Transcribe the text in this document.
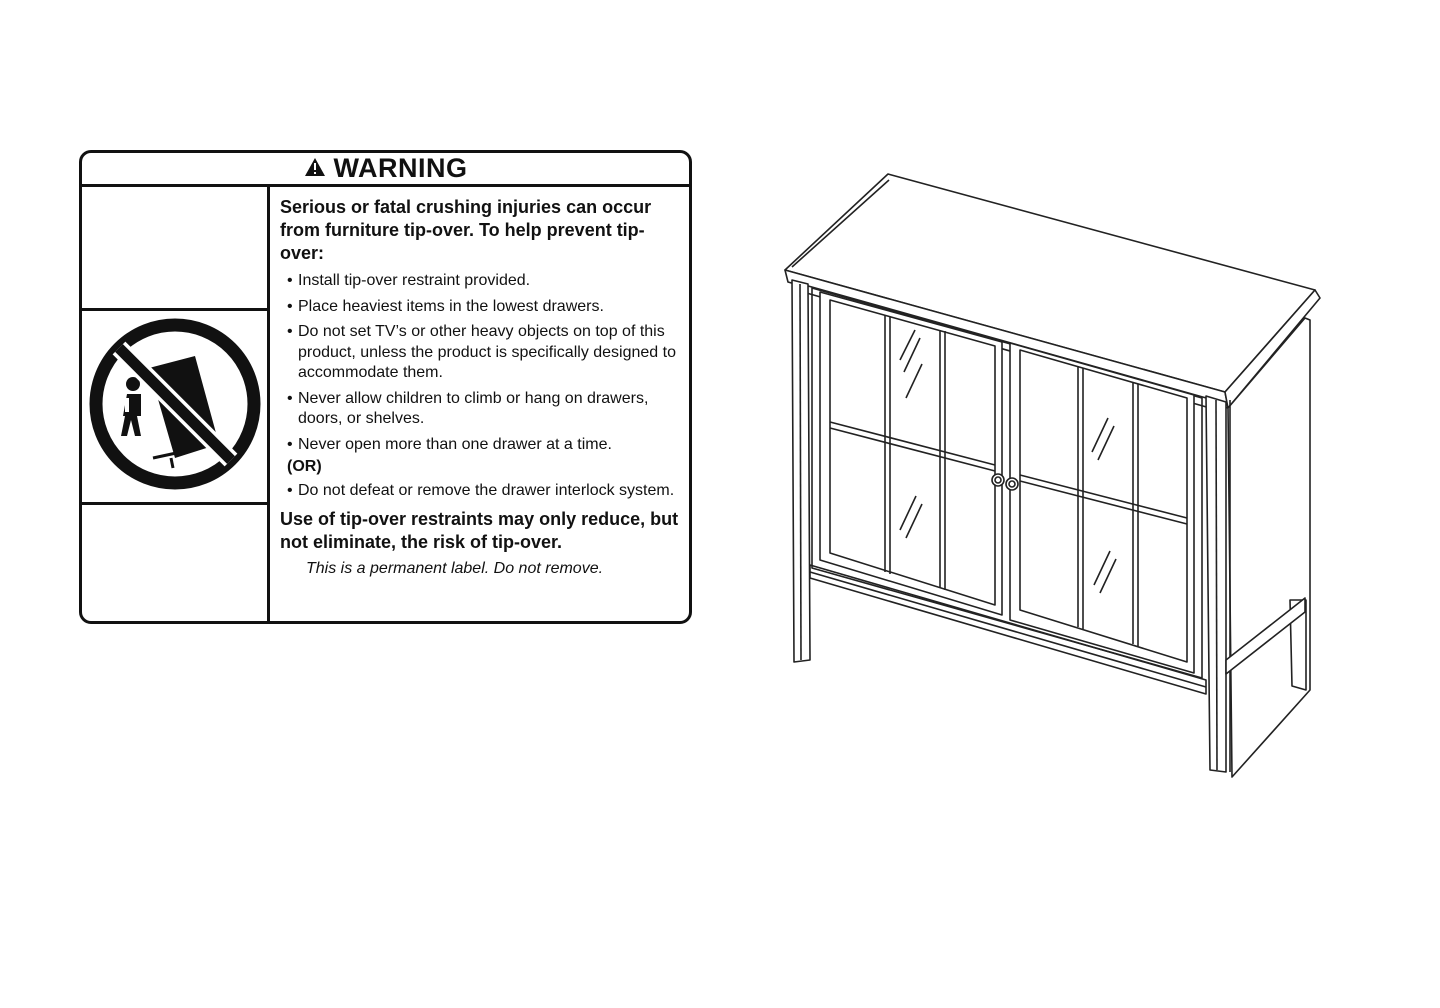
WARNING

Serious or fatal crushing injuries can occur from furniture tip-over. To help prevent tip-over:

• Install tip-over restraint provided.
• Place heaviest items in the lowest drawers.
• Do not set TV’s or other heavy objects on top of this product, unless the product is specifically designed to accommodate them.
• Never allow children to climb or hang on drawers, doors, or shelves.
• Never open more than one drawer at a time.
(OR)
• Do not defeat or remove the drawer interlock system.

Use of tip-over restraints may only reduce, but not eliminate, the risk of tip-over.

This is a permanent label. Do not remove.
